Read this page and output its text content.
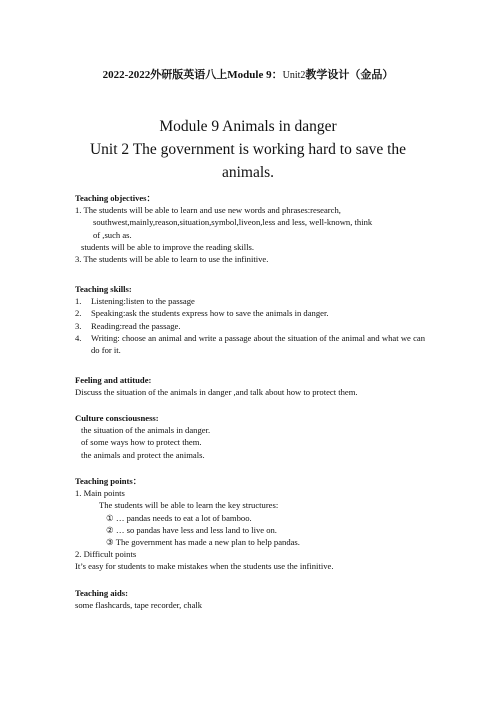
2022-2022外研版英语八上Module 9：Unit2教学设计（金品）
Module 9 Animals in danger
Unit 2 The government is working hard to save the
animals.
Teaching objectives：
1. The students will be able to learn and use new words and phrases:research,
southwest,mainly,reason,situation,symbol,liveon,less and less, well-known, think
of ,such as.
students will be able to improve the reading skills.
3. The students will be able to learn to use the infinitive.
Teaching skills:
1.	Listening:listen to the passage
2.	Speaking:ask the students express how to save the animals in danger.
3.	Reading:read the passage.
4.	Writing: choose an animal and write a passage about the situation of the animal and what we can do for it.
Feeling and attitude:
Discuss the situation of the animals in danger ,and talk about how to protect them.
Culture consciousness:
the situation of the animals in danger.
of some ways how to protect them.
the animals and protect the animals.
Teaching points：
1. Main points
The students will be able to learn the key structures:
① … pandas needs to eat a lot of bamboo.
② … so pandas have less and less land to live on.
③ The government has made a new plan to help pandas.
2. Difficult points
It’s easy for students to make mistakes when the students use the infinitive.
Teaching aids:
some flashcards, tape recorder, chalk
